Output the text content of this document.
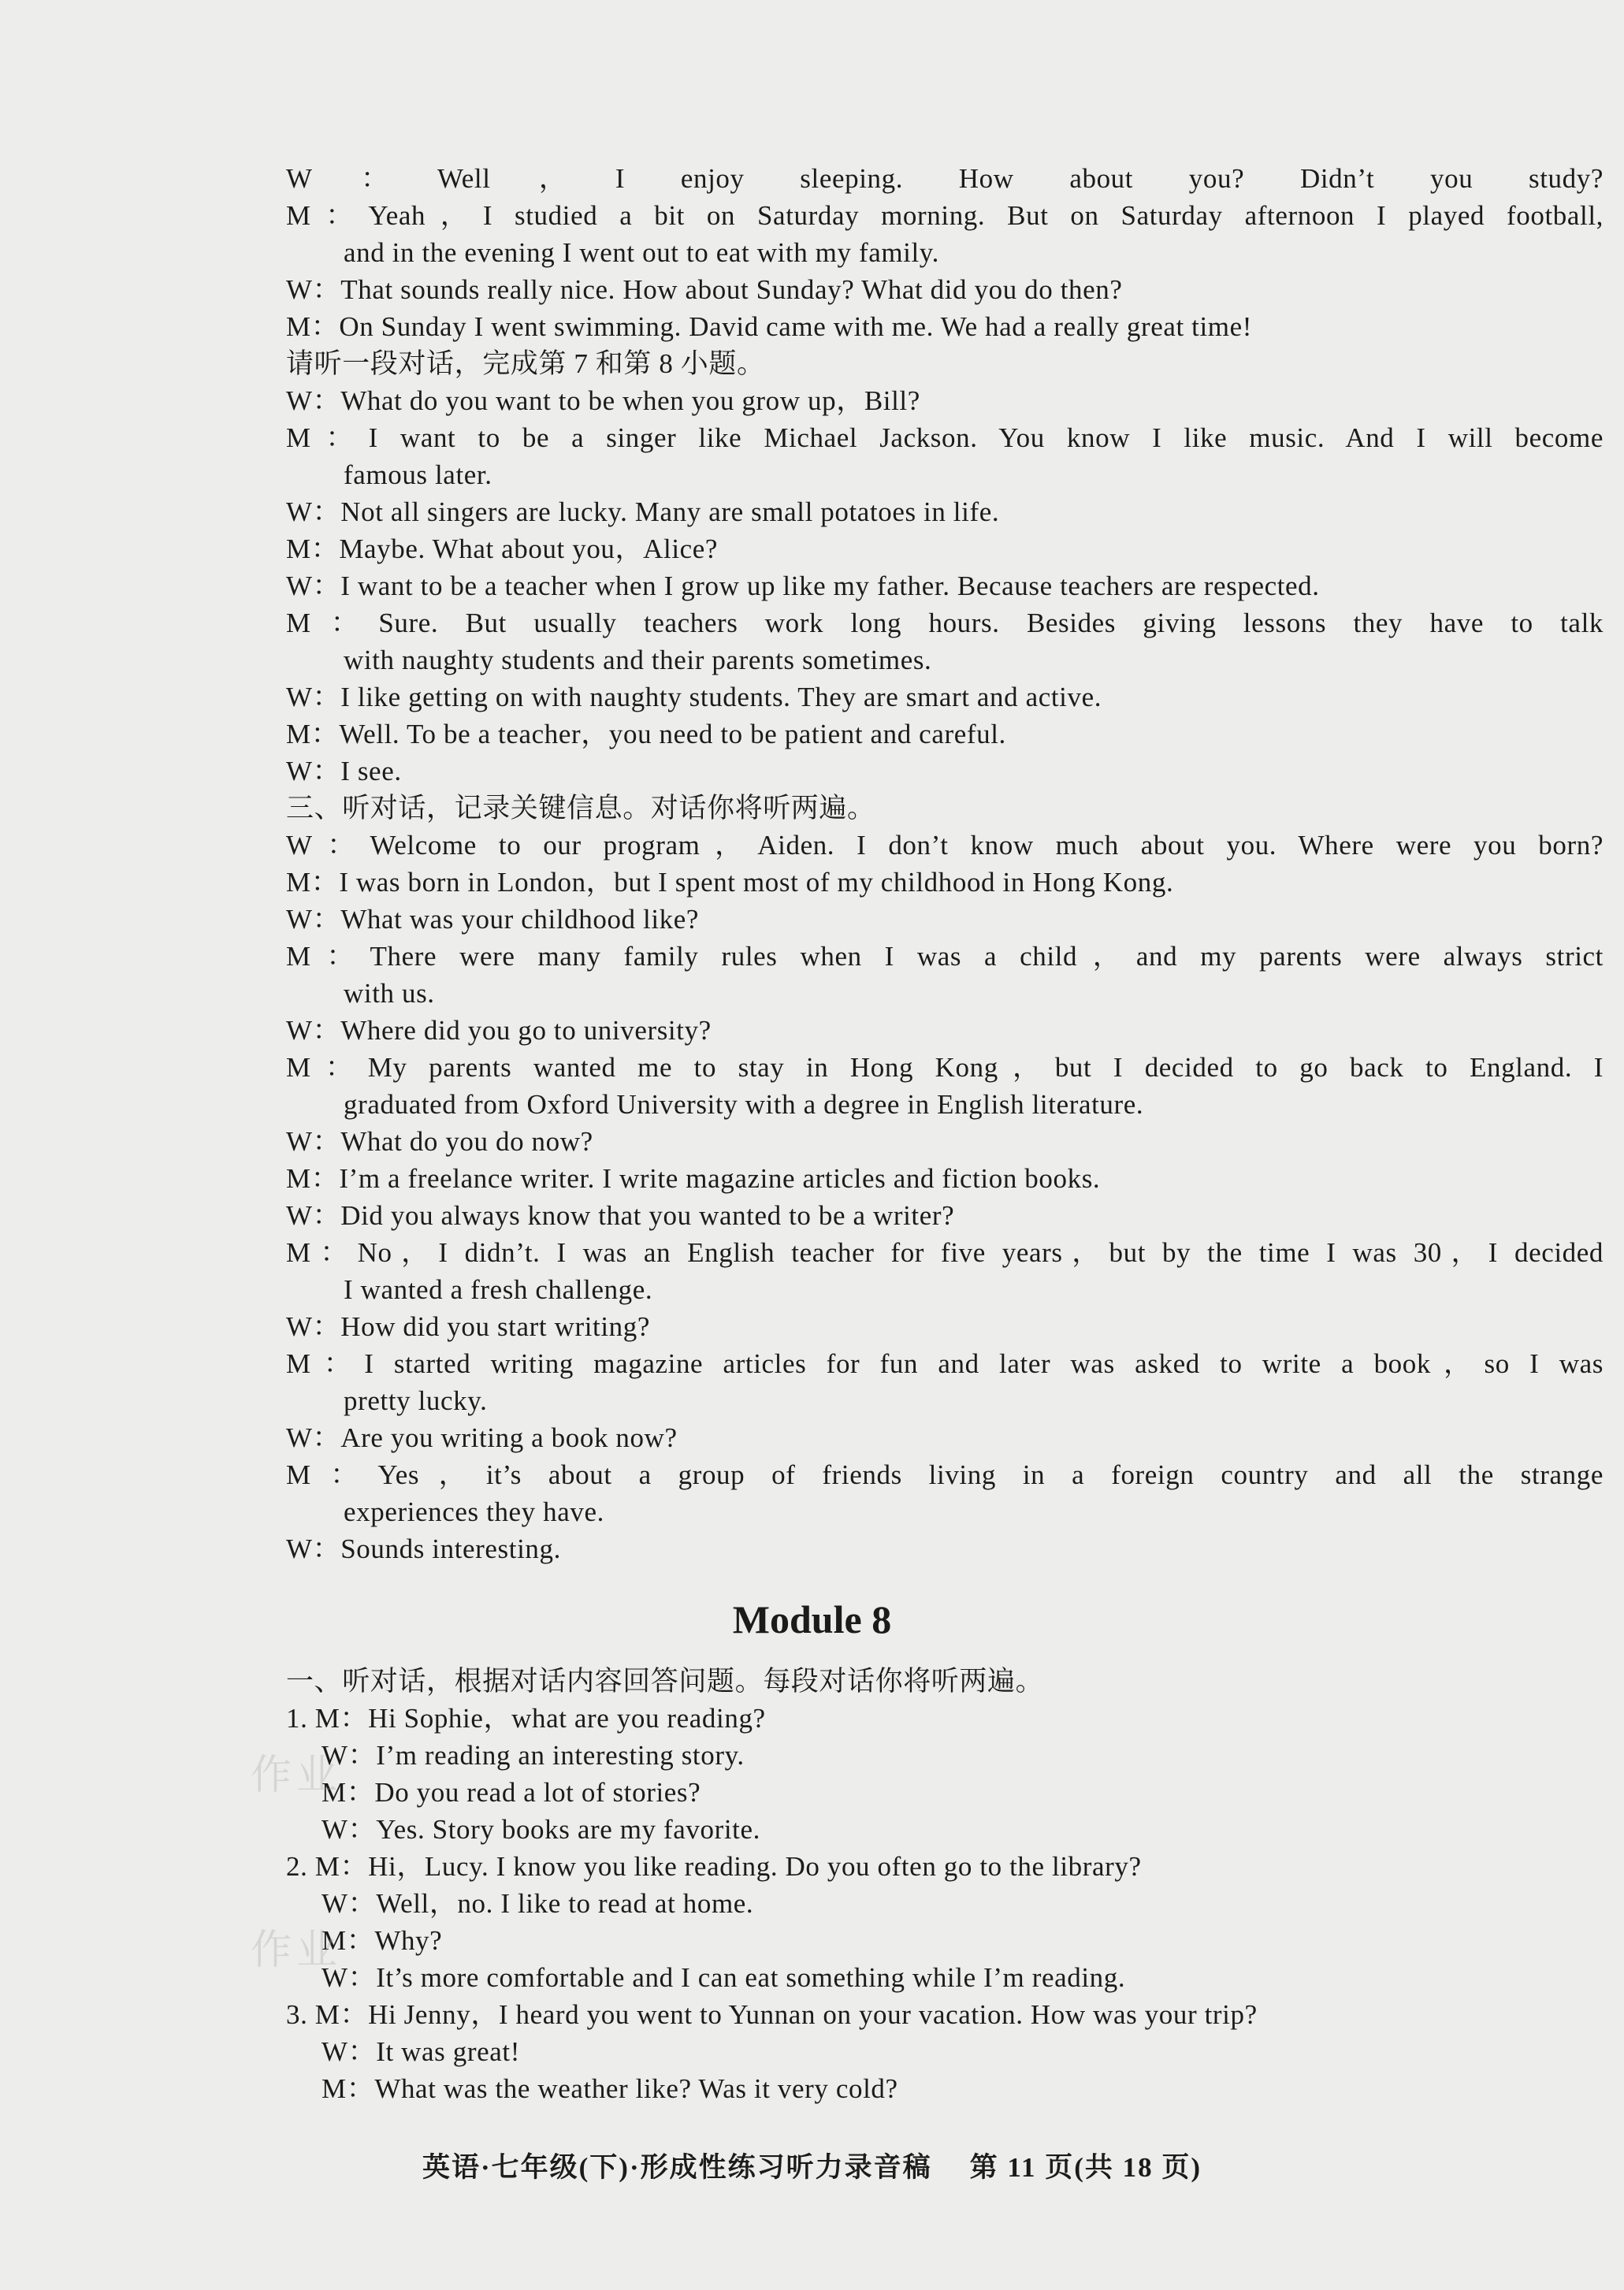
W：Well，I enjoy sleeping. How about you? Didn’t you study?
M：Yeah，I studied a bit on Saturday morning. But on Saturday afternoon I played football,
and in the evening I went out to eat with my family.
W：That sounds really nice. How about Sunday? What did you do then?
M：On Sunday I went swimming. David came with me. We had a really great time!
请听一段对话，完成第 7 和第 8 小题。
W：What do you want to be when you grow up，Bill?
M：I want to be a singer like Michael Jackson. You know I like music. And I will become
famous later.
W：Not all singers are lucky. Many are small potatoes in life.
M：Maybe. What about you，Alice?
W：I want to be a teacher when I grow up like my father. Because teachers are respected.
M：Sure. But usually teachers work long hours. Besides giving lessons they have to talk
with naughty students and their parents sometimes.
W：I like getting on with naughty students. They are smart and active.
M：Well. To be a teacher，you need to be patient and careful.
W：I see.
三、听对话，记录关键信息。对话你将听两遍。
W：Welcome to our program，Aiden. I don’t know much about you. Where were you born?
M：I was born in London，but I spent most of my childhood in Hong Kong.
W：What was your childhood like?
M：There were many family rules when I was a child，and my parents were always strict
with us.
W：Where did you go to university?
M：My parents wanted me to stay in Hong Kong，but I decided to go back to England. I
graduated from Oxford University with a degree in English literature.
W：What do you do now?
M：I’m a freelance writer. I write magazine articles and fiction books.
W：Did you always know that you wanted to be a writer?
M：No，I didn’t. I was an English teacher for five years，but by the time I was 30，I decided
I wanted a fresh challenge.
W：How did you start writing?
M：I started writing magazine articles for fun and later was asked to write a book，so I was
pretty lucky.
W：Are you writing a book now?
M：Yes，it’s about a group of friends living in a foreign country and all the strange
experiences they have.
W：Sounds interesting.
Module 8
一、听对话，根据对话内容回答问题。每段对话你将听两遍。
1. M：Hi Sophie，what are you reading?
W：I’m reading an interesting story.
M：Do you read a lot of stories?
W：Yes. Story books are my favorite.
2. M：Hi，Lucy. I know you like reading. Do you often go to the library?
W：Well，no. I like to read at home.
M：Why?
W：It’s more comfortable and I can eat something while I’m reading.
3. M：Hi Jenny，I heard you went to Yunnan on your vacation. How was your trip?
W：It was great!
M：What was the weather like? Was it very cold?
作业
作业
英语·七年级(下)·形成性练习听力录音稿 第 11 页(共 18 页)
